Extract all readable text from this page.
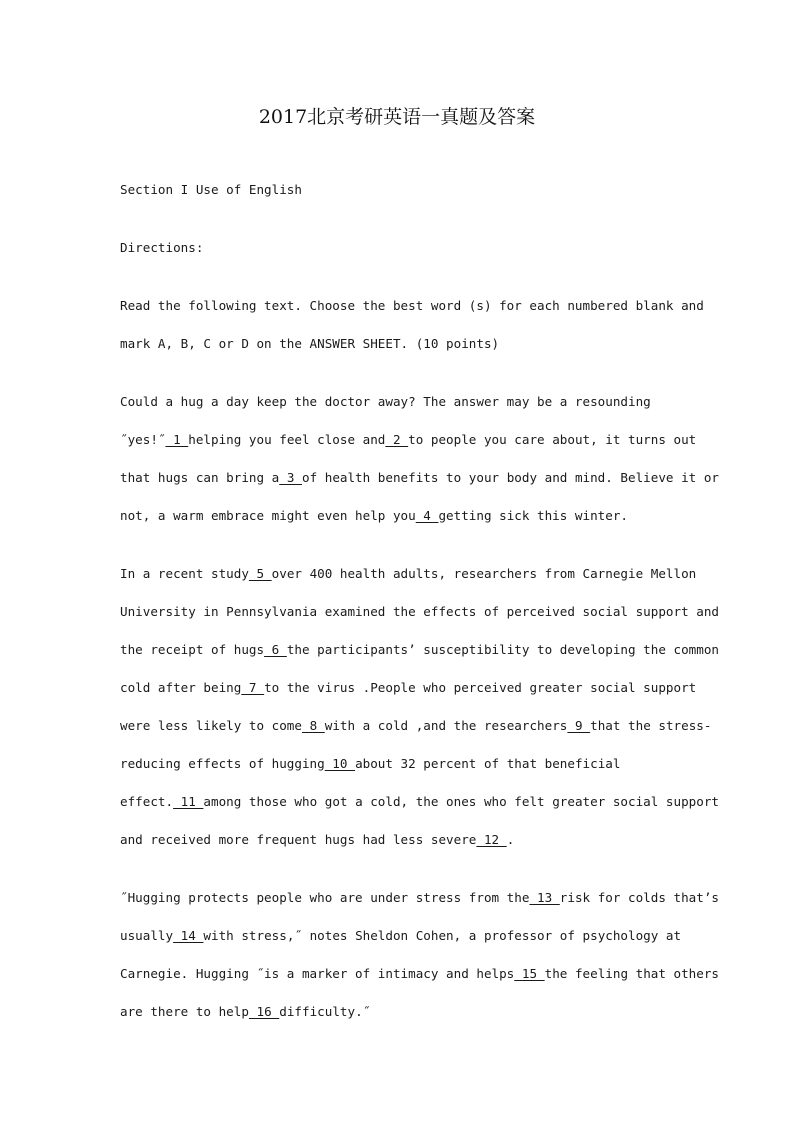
2017北京考研英语一真题及答案
Section I Use of English
Directions:
Read the following text. Choose the best word (s) for each numbered blank and
mark A, B, C or D on the ANSWER SHEET. (10 points)
Could a hug a day keep the doctor away? The answer may be a resounding
˝yes!˝ 1 helping you feel close and 2 to people you care about, it turns out
that hugs can bring a 3 of health benefits to your body and mind. Believe it or
not, a warm embrace might even help you 4 getting sick this winter.
In a recent study 5 over 400 health adults, researchers from Carnegie Mellon
University in Pennsylvania examined the effects of perceived social support and
the receipt of hugs 6 the participants’ susceptibility to developing the common
cold after being 7 to the virus .People who perceived greater social support
were less likely to come 8 with a cold ,and the researchers 9 that the stress-
reducing effects of hugging 10 about 32 percent of that beneficial
effect. 11 among those who got a cold, the ones who felt greater social support
and received more frequent hugs had less severe 12 .
˝Hugging protects people who are under stress from the 13 risk for colds that’s
usually 14 with stress,˝ notes Sheldon Cohen, a professor of psychology at
Carnegie. Hugging ˝is a marker of intimacy and helps 15 the feeling that others
are there to help 16 difficulty.˝
